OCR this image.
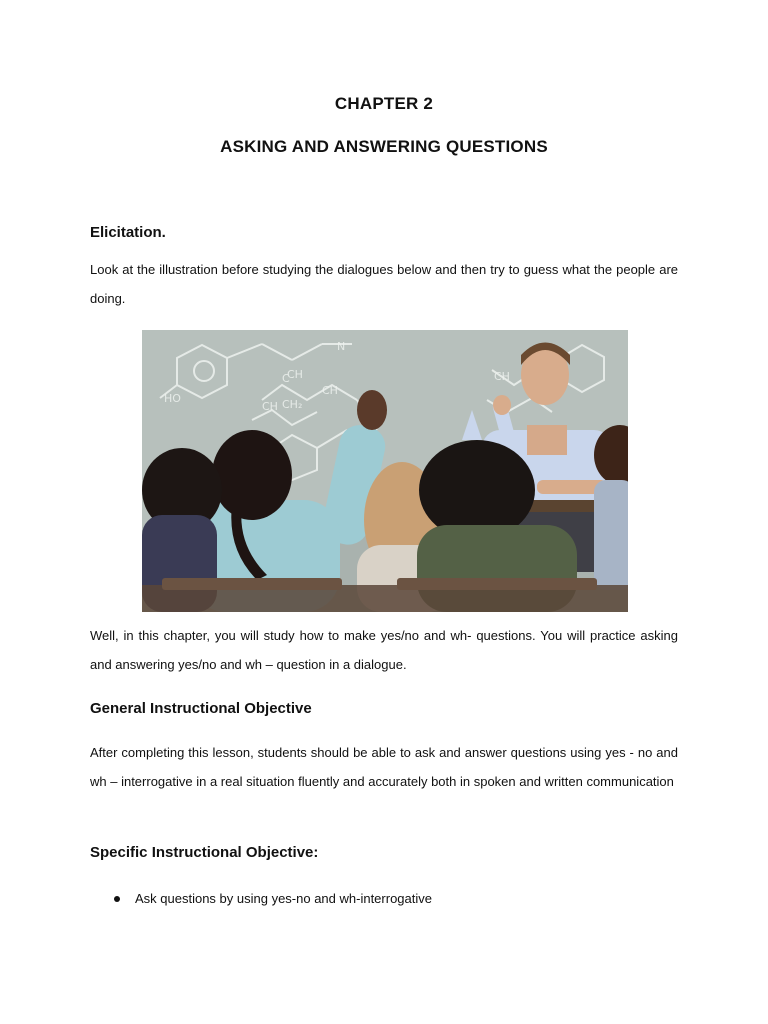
CHAPTER 2
ASKING AND ANSWERING QUESTIONS
Elicitation.
Look at the illustration before studying the dialogues below and then try to guess what the people are doing.
HO
C
N
CH
CH
CH CH₂
CH
Well, in this chapter, you will study how to make yes/no and wh- questions. You will practice asking and answering yes/no and wh – question in a dialogue.
General Instructional Objective
After completing this lesson, students should be able to ask and answer questions using yes - no and wh – interrogative in a real situation fluently and accurately both in spoken and written communication
Specific Instructional Objective:
Ask questions by using yes-no and wh-interrogative
